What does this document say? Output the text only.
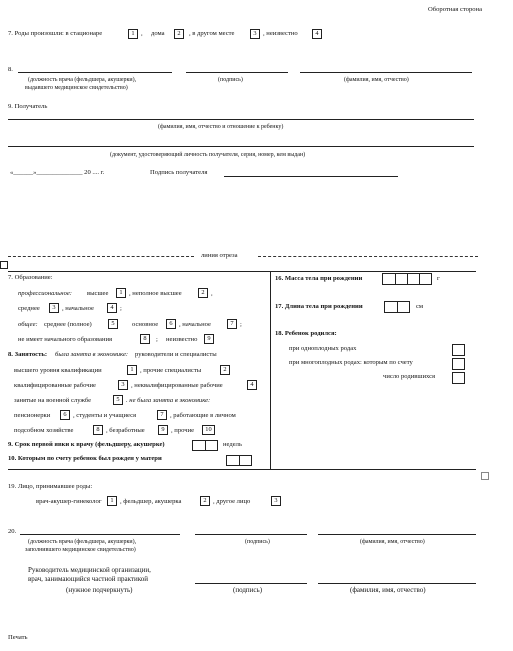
Оборотная сторона
7. Роды произошли: в стационаре	1 , дома	2	, в другом месте	3 , неизвестно	4
8.
(должность врача (фельдшера, акушерки),
выдавшего медицинское свидетельство)
(подпись)	(фамилия, имя, отчество)
9. Получатель
(фамилия, имя, отчество и отношение к ребенку)
(документ, удостоверяющий личность получателя, серия, номер, кем выдан)
«______»______________ 20 .... г.	Подпись получателя
линия отреза
7. Образование:
профессиональное: высшее	1 , неполное высшее	2 ,
среднее	3 , начальное	4 ;
общее: среднее (полное)	5	основное	6 , начальное	7 ;
не имеет начального образования	8	; неизвестно	9
8. Занятость: была занята в экономике: руководители и специалисты
высшего уровня квалификации	1 , прочие специалисты	2
квалифицированные рабочие	3 , неквалифицированные рабочие	4
занятые на военной службе	5 . не была занята в экономике:
пенсионерки	6 , студенты и учащиеся	7 , работающие в личном
подсобном хозяйстве	8 , безработные	9 , прочие	10
9. Срок первой явки к врачу (фельдшеру, акушерке)	недель
10. Которым по счету ребенок был рожден у матери
16. Масса тела при рождении	г
17. Длина тела при рождении	см
18. Ребенок родился:
при одноплодных родах
при многоплодных родах: которым по счету
число родившихся
19. Лицо, принимавшее роды:
врач-акушер-гинеколог	1 , фельдшер, акушерка	2 , другое лицо	3
20.
(должность врача (фельдшера, акушерки),
заполнившего медицинское свидетельство)
(подпись)	(фамилия, имя, отчество)
Руководитель медицинской организации,
врач, занимающийся частной практикой
(нужное подчеркнуть)	(подпись)	(фамилия, имя, отчество)
Печать
